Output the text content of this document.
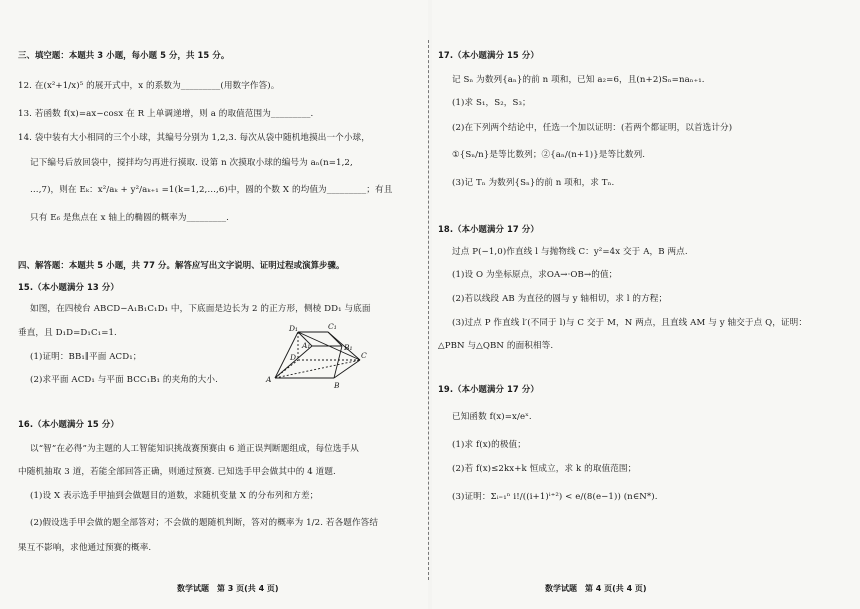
三、填空题：本题共 3 小题，每小题 5 分，共 15 分。
12. 在(x²+1/x)⁵ 的展开式中，x 的系数为_________(用数字作答)。
13. 若函数 f(x)=ax−cosx 在 R 上单调递增，则 a 的取值范围为_________.
14. 袋中装有大小相同的三个小球，其编号分别为 1,2,3. 每次从袋中随机地摸出一个小球，
记下编号后放回袋中，搅拌均匀再进行摸取. 设第 n 次摸取小球的编号为 aₙ(n=1,2,
…,7)，则在 Eₖ：x²/aₖ + y²/aₖ₊₁ =1(k=1,2,…,6)中，圆的个数 X 的均值为_________；有且
只有 E₆ 是焦点在 x 轴上的椭圆的概率为_________.
四、解答题：本题共 5 小题，共 77 分。解答应写出文字说明、证明过程或演算步骤。
15.（本小题满分 13 分）
如图，在四棱台 ABCD−A₁B₁C₁D₁ 中，下底面是边长为 2 的正方形，侧棱 DD₁ 与底面
垂直，且 D₁D=D₁C₁=1.
(1)证明：BB₁∥平面 ACD₁；
(2)求平面 ACD₁ 与平面 BCC₁B₁ 的夹角的大小.
16.（本小题满分 15 分）
以“智”在必得”为主题的人工智能知识挑战赛预赛由 6 道正误判断题组成，每位选手从
中随机抽取 3 道，若能全部回答正确，则通过预赛. 已知选手甲会做其中的 4 道题.
(1)设 X 表示选手甲抽到会做题目的道数，求随机变量 X 的分布列和方差；
(2)假设选手甲会做的题全部答对；不会做的题随机判断，答对的概率为 1/2. 若各题作答结
果互不影响，求他通过预赛的概率.
数学试题　第 3 页(共 4 页)
D₁	C₁
A₁	B₁
D	C
A
B
17.（本小题满分 15 分）
记 Sₙ 为数列{aₙ}的前 n 项和，已知 a₂=6，且(n+2)Sₙ=naₙ₊₁.
(1)求 S₁，S₂，S₃；
(2)在下列两个结论中，任选一个加以证明：(若两个都证明，以首选计分)
①{Sₙ/n}是等比数列；②{aₙ/(n+1)}是等比数列.
(3)记 Tₙ 为数列{Sₙ}的前 n 项和，求 Tₙ.
18.（本小题满分 17 分）
过点 P(−1,0)作直线 l 与抛物线 C：y²=4x 交于 A，B 两点.
(1)设 O 为坐标原点，求OA→·OB→的值；
(2)若以线段 AB 为直径的圆与 y 轴相切，求 l 的方程；
(3)过点 P 作直线 l′(不同于 l)与 C 交于 M，N 两点，且直线 AM 与 y 轴交于点 Q，证明：
△PBN 与△QBN 的面积相等.
19.（本小题满分 17 分）
已知函数 f(x)=x/eˣ.
(1)求 f(x)的极值；
(2)若 f(x)≤2kx+k 恒成立，求 k 的取值范围；
(3)证明：Σᵢ₌₁ⁿ i!/((i+1)ⁱ⁺²) < e/(8(e−1)) (n∈N*).
数学试题　第 4 页(共 4 页)
